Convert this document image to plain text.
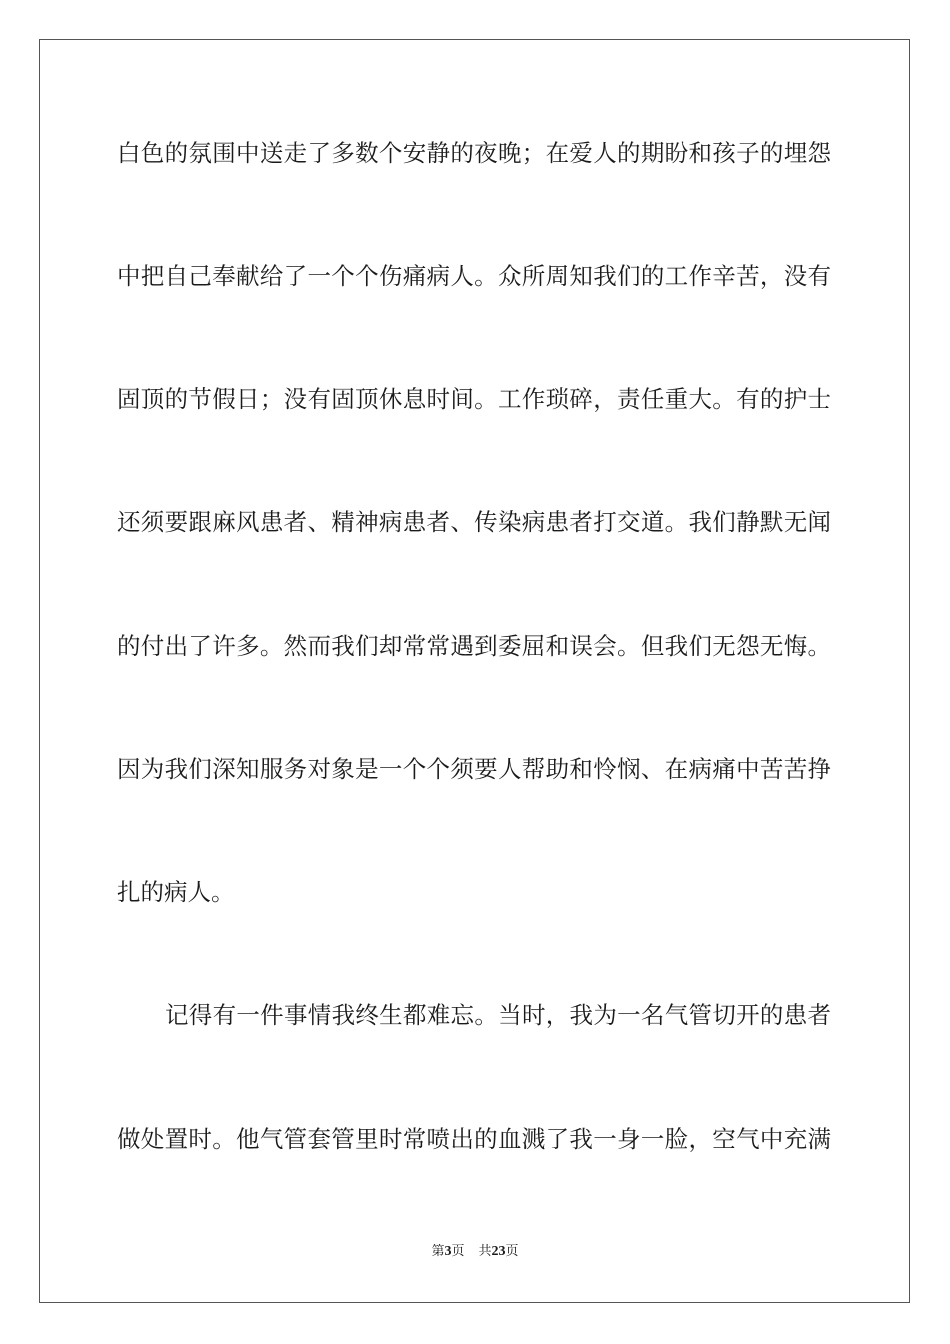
白色的氛围中送走了多数个安静的夜晚；在爱人的期盼和孩子的埋怨
中把自己奉献给了一个个伤痛病人。众所周知我们的工作辛苦，没有
固顶的节假日；没有固顶休息时间。工作琐碎，责任重大。有的护士
还须要跟麻风患者、精神病患者、传染病患者打交道。我们静默无闻
的付出了许多。然而我们却常常遇到委屈和误会。但我们无怨无悔。
因为我们深知服务对象是一个个须要人帮助和怜悯、在病痛中苦苦挣
扎的病人。
记得有一件事情我终生都难忘。当时，我为一名气管切开的患者
做处置时。他气管套管里时常喷出的血溅了我一身一脸，空气中充满
第3页 共23页
